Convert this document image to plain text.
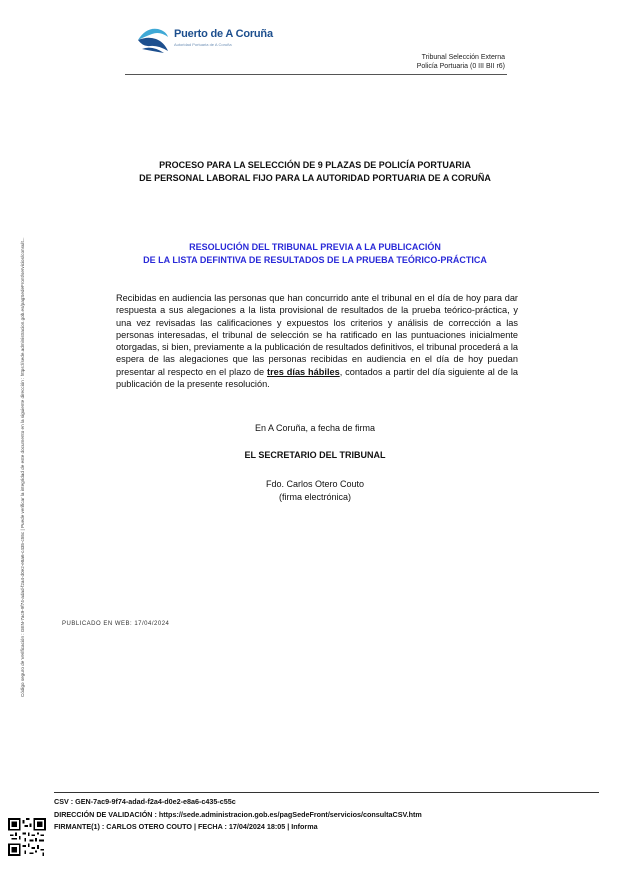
Puerto de A Coruña
Autoridad Portuaria de A Coruña
Tribunal Selección Externa
Policía Portuaria (0 III BII r6)
PROCESO PARA LA SELECCIÓN DE 9 PLAZAS DE POLICÍA PORTUARIA
DE PERSONAL LABORAL FIJO PARA LA AUTORIDAD PORTUARIA DE A CORUÑA
RESOLUCIÓN DEL TRIBUNAL PREVIA A LA PUBLICACIÓN
DE LA LISTA DEFINTIVA DE RESULTADOS DE LA PRUEBA TEÓRICO-PRÁCTICA
Recibidas en audiencia las personas que han concurrido ante el tribunal en el día de hoy para dar respuesta a sus alegaciones a la lista provisional de resultados de la prueba teórico-práctica, y una vez revisadas las calificaciones y expuestos los criterios y análisis de corrección a las personas interesadas, el tribunal de selección se ha ratificado en las puntuaciones inicialmente otorgadas, si bien, previamente a la publicación de resultados definitivos, el tribunal procederá a la espera de las alegaciones que las personas recibidas en audiencia en el día de hoy puedan presentar al respecto en el plazo de tres días hábiles, contados a partir del día siguiente al de la publicación de la presente resolución.
En A Coruña, a fecha de firma
EL SECRETARIO DEL TRIBUNAL
Fdo. Carlos Otero Couto
(firma electrónica)
PUBLICADO EN WEB: 17/04/2024
Código seguro de Verificación : GEN-7ac9-9f74-adad-f2a4-d0e2-e8a6-c435-c55c | Puede verificar la integridad de este documento en la siguiente dirección : https://sede.administracion.gob.es/pagSedeFront/servicios/consult...
CSV : GEN-7ac9-9f74-adad-f2a4-d0e2-e8a6-c435-c55c
DIRECCIÓN DE VALIDACIÓN : https://sede.administracion.gob.es/pagSedeFront/servicios/consultaCSV.htm
FIRMANTE(1) : CARLOS OTERO COUTO | FECHA : 17/04/2024 18:05 | Informa
